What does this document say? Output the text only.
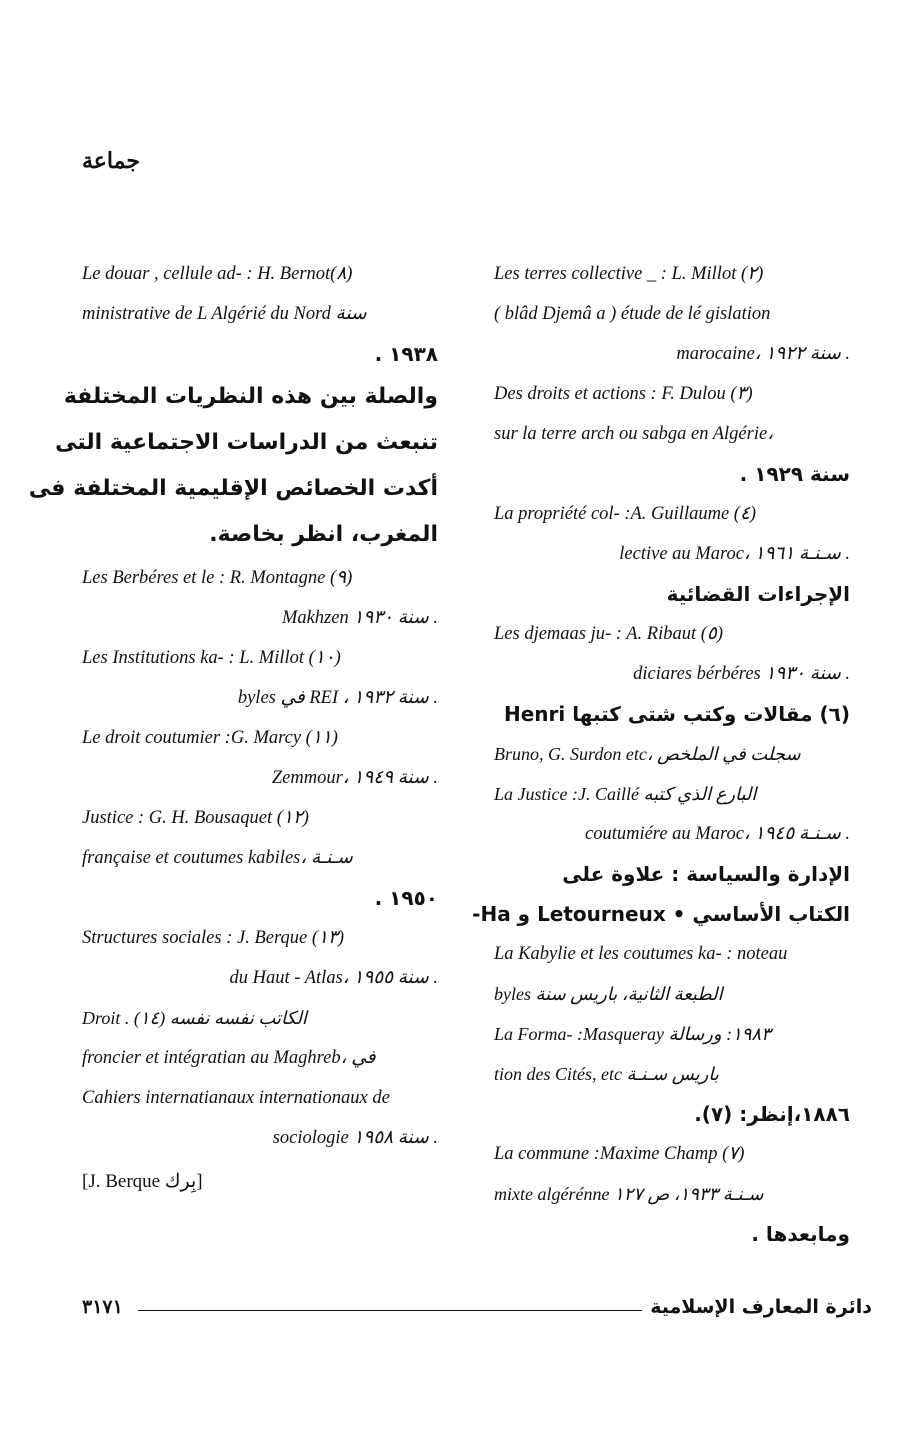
جماعة
Les terres collective _ : L. Millot (٢)
( blâd Djemâ a ) étude de lé gislation
marocaine، سنة ١٩٢٢ .
Des droits et actions : F. Dulou (٣)
sur la terre arch ou sabga en Algérie،
سنة ١٩٢٩ .
La propriété col- :A. Guillaume (٤)
lective au Maroc، سـنـة ١٩٦١ .
الإجراءات القضائية
Les djemaas ju- : A. Ribaut (٥)
diciares bérbéres سنة ١٩٣٠ .
(٦) مقالات وكتب شتى كتبها Henri
Bruno, G. Surdon etc، سجلت في الملخص
La Justice :J. Caillé البارع الذي كتبه
coutumiére au Maroc، سـنـة ١٩٤٥ .
الإدارة والسياسة : علاوة على
الكتاب الأساسي • Letourneux و Ha-
La Kabylie et les coutumes ka- : noteau
byles الطبعة الثانية، باريس سنة
La Forma- :Masqueray ١٩٨٣: ورسالة
tion des Cités, etc باريس سـنـة
١٨٨٦،إنظر: (٧).
La commune :Maxime Champ (٧)
mixte algérénne سـنـة ١٩٣٣، ص ١٢٧
ومابعدها .
Le douar , cellule ad- : H. Bernot(٨)
ministrative de L Algérié du Nord سنة
١٩٣٨ .
والصلة بين هذه النظريات المختلفة
تنبعث من الدراسات الاجتماعية التى
أكدت الخصائص الإقليمية المختلفة فى
المغرب، انظر بخاصة.
Les Berbéres et le : R. Montagne (٩)
Makhzen سنة ١٩٣٠ .
Les Institutions ka- : L. Millot (١٠)
byles في REI ، سنة ١٩٣٢ .
Le droit coutumier :G. Marcy (١١)
Zemmour، سنة ١٩٤٩ .
Justice : G. H. Bousaquet (١٢)
française et coutumes kabiles، سـنـة
١٩٥٠ .
Structures sociales : J. Berque (١٣)
du Haut - Atlas، سنة ١٩٥٥ .
Droit . (١٤) الكاتب نفسه نفسه
froncier et intégratian au Maghreb، في
Cahiers internatianaux internationaux de
sociologie سنة ١٩٥٨ .
[J. Berque بِرك]
٣١٧١	دائرة المعارف الإسلامية
